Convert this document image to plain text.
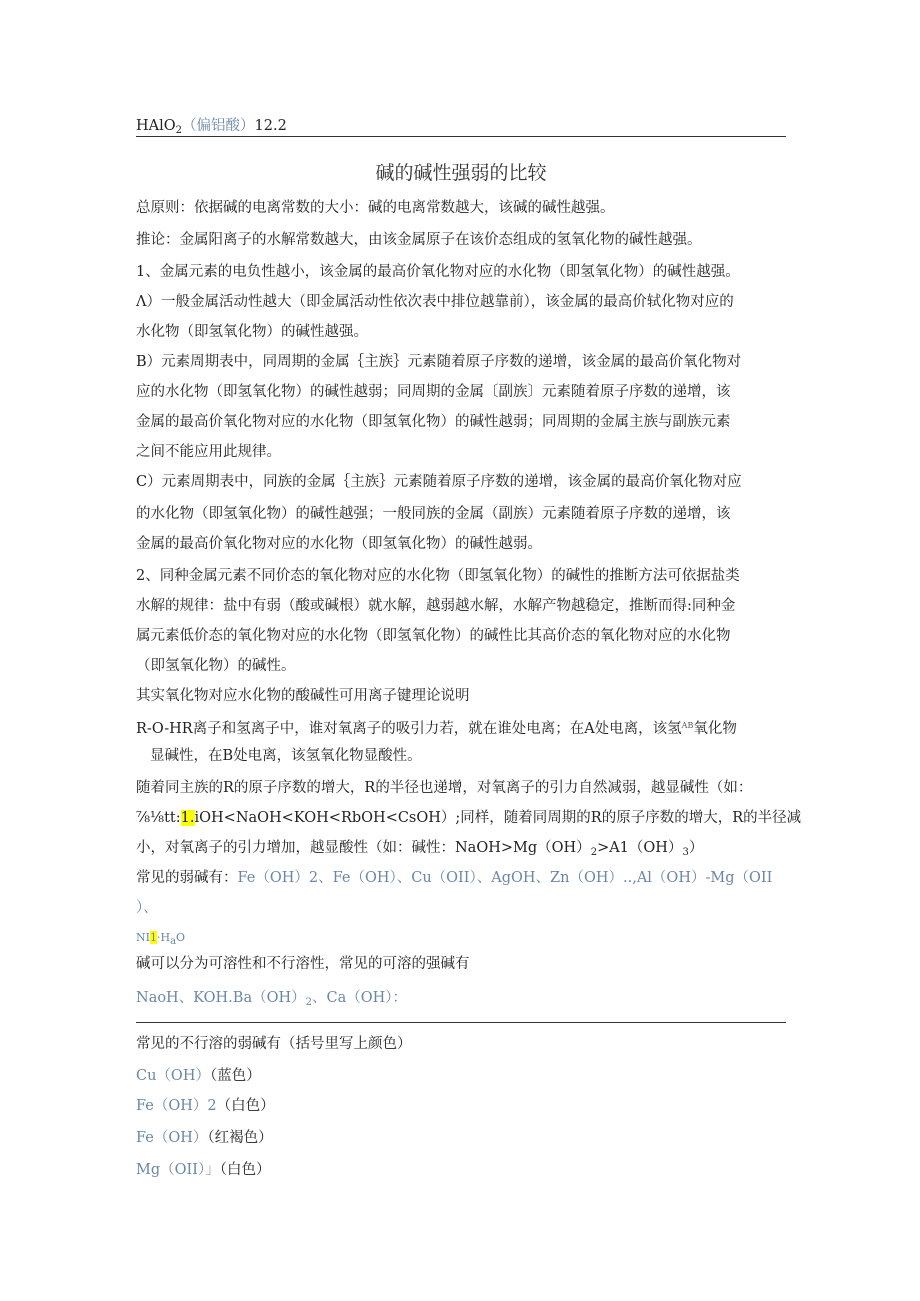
HAlO$_2$（偏铝酸）12.2
碱的碱性强弱的比较
总原则：依据碱的电离常数的大小：碱的电离常数越大，该碱的碱性越强。
推论：金属阳离子的水解常数越大，由该金属原子在该价态组成的氢氧化物的碱性越强。
1、金属元素的电负性越小，该金属的最高价氧化物对应的水化物（即氢氧化物）的碱性越强。
Λ）一般金属活动性越大（即金属活动性依次表中排位越靠前），该金属的最高价轼化物对应的
水化物（即氢氧化物）的碱性越强。
B）元素周期表中，同周期的金属｛主族｝元素随着原子序数的递增，该金属的最高价氧化物对
应的水化物（即氢氧化物）的碱性越弱；同周期的金属〔副族〕元素随着原子序数的递增，该
金属的最高价氧化物对应的水化物（即氢氧化物）的碱性越弱；同周期的金属主族与副族元素
之间不能应用此规律。
C）元素周期表中，同族的金属｛主族｝元素随着原子序数的递增，该金属的最高价氧化物对应
的水化物（即氢氧化物）的碱性越强；一般同族的金属（副族）元素随着原子序数的递增，该
金属的最高价氧化物对应的水化物（即氢氧化物）的碱性越弱。
2、同种金属元素不同价态的氧化物对应的水化物（即氢氧化物）的碱性的推断方法可依据盐类
水解的规律：盐中有弱（酸或碱根）就水解，越弱越水解，水解产物越稳定，推断而得:同种金
属元素低价态的氧化物对应的水化物（即氢氧化物）的碱性比其高价态的氧化物对应的水化物
（即氢氧化物）的碱性。
其实氧化物对应水化物的酸碱性可用离子键理论说明
R-O-HR离子和氢离子中，谁对氧离子的吸引力若，就在谁处电离；在A处电离，该氢$^{AB}$氧化物
显碱性，在B处电离，该氢氧化物显酸性。
随着同主族的R的原子序数的增大，R的半径也递增，对氧离子的引力自然减弱，越显碱性（如：
⅞⅛tt:1.iOH<NaOH<KOH<RbOH<CsOH）;同样，随着同周期的R的原子序数的增大，R的半径减
小，对氧离子的引力增加，越显酸性（如：碱性：$NaOH>Mg(OH)_2>A1(OH)_3$）
常见的弱碱有：Fe（OH）2、Fe（OH）、Cu（OII）、AgOH、Zn（OH）..,Al（OH）-Mg（OII
）、
NI1·HaO
碱可以分为可溶性和不行溶性，常见的可溶的强碱有
NaoH、$KOH.Ba(OH)_2$、Ca（OH）：
常见的不行溶的弱碱有（括号里写上颜色）
Cu（OH）（蓝色）
Fe（OH）2（白色）
Fe（OH）（红褐色）
Mg（OII）」（白色）
